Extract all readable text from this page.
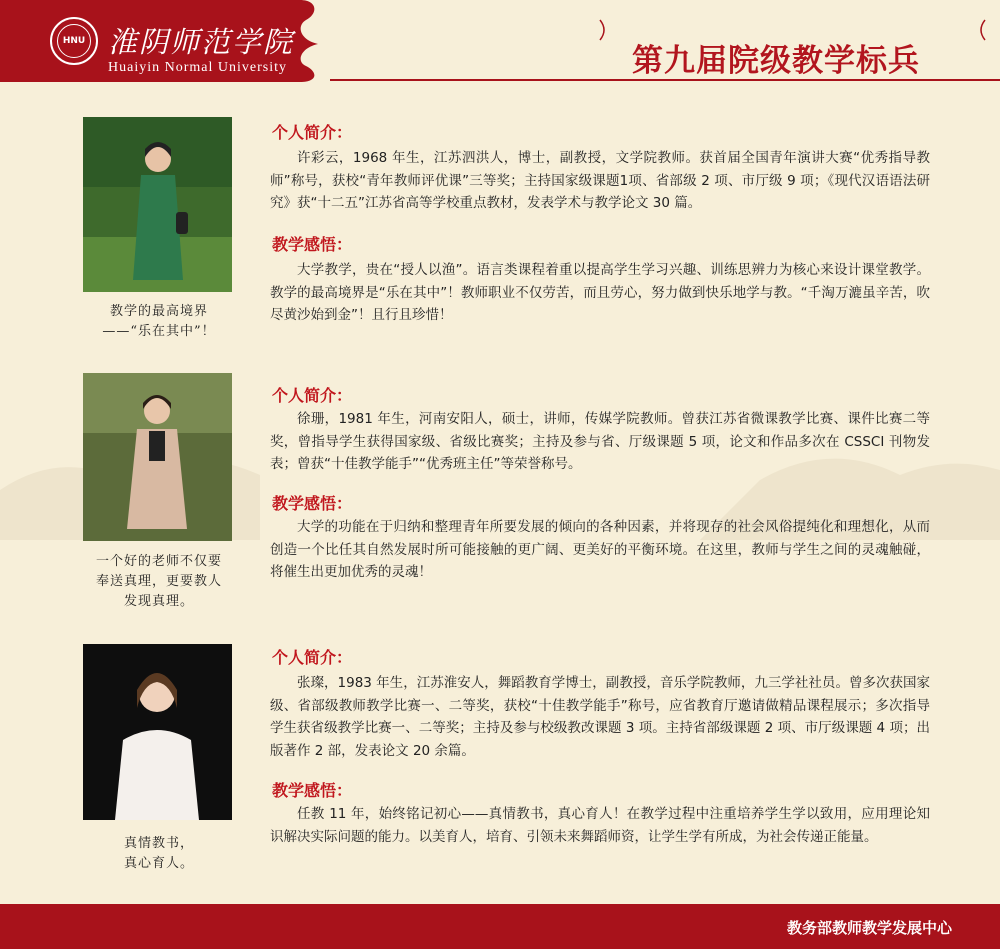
HNU 淮阴师范学院
Huaiyin Normal University	第九届院级教学标兵
教学的最高境界
——“乐在其中”！
个人简介：

许彩云，1968 年生，江苏泗洪人，博士，副教授，文学院教师。获首届全国青年演讲大赛“优秀指导教师”称号，获校“青年教师评优课”三等奖；主持国家级课题1项、省部级 2 项、市厅级 9 项；《现代汉语语法研究》获“十二五”江苏省高等学校重点教材，发表学术与教学论文 30 篇。

教学感悟：

大学教学，贵在“授人以渔”。语言类课程着重以提高学生学习兴趣、训练思辨力为核心来设计课堂教学。教学的最高境界是“乐在其中”！教师职业不仅劳苦，而且劳心，努力做到快乐地学与教。“千淘万漉虽辛苦，吹尽黄沙始到金”！且行且珍惜！

一个好的老师不仅要
奉送真理，更要教人
发现真理。
个人简介：

徐珊，1981 年生，河南安阳人，硕士，讲师，传媒学院教师。曾获江苏省微课教学比赛、课件比赛二等奖，曾指导学生获得国家级、省级比赛奖；主持及参与省、厅级课题 5 项，论文和作品多次在 CSSCI 刊物发表；曾获“十佳教学能手”“优秀班主任”等荣誉称号。

教学感悟：

大学的功能在于归纳和整理青年所要发展的倾向的各种因素，并将现存的社会风俗提纯化和理想化，从而创造一个比任其自然发展时所可能接触的更广阔、更美好的平衡环境。在这里，教师与学生之间的灵魂触碰，将催生出更加优秀的灵魂！

真情教书，
真心育人。
个人简介：

张璨，1983 年生，江苏淮安人，舞蹈教育学博士，副教授，音乐学院教师，九三学社社员。曾多次获国家级、省部级教师教学比赛一、二等奖，获校“十佳教学能手”称号，应省教育厅邀请做精品课程展示；多次指导学生获省级教学比赛一、二等奖；主持及参与校级教改课题 3 项。主持省部级课题 2 项、市厅级课题 4 项；出版著作 2 部，发表论文 20 余篇。

教学感悟：

任教 11 年，始终铭记初心——真情教书，真心育人！在教学过程中注重培养学生学以致用，应用理论知识解决实际问题的能力。以美育人，培育、引领未来舞蹈师资，让学生学有所成，为社会传递正能量。

教务部教师教学发展中心
